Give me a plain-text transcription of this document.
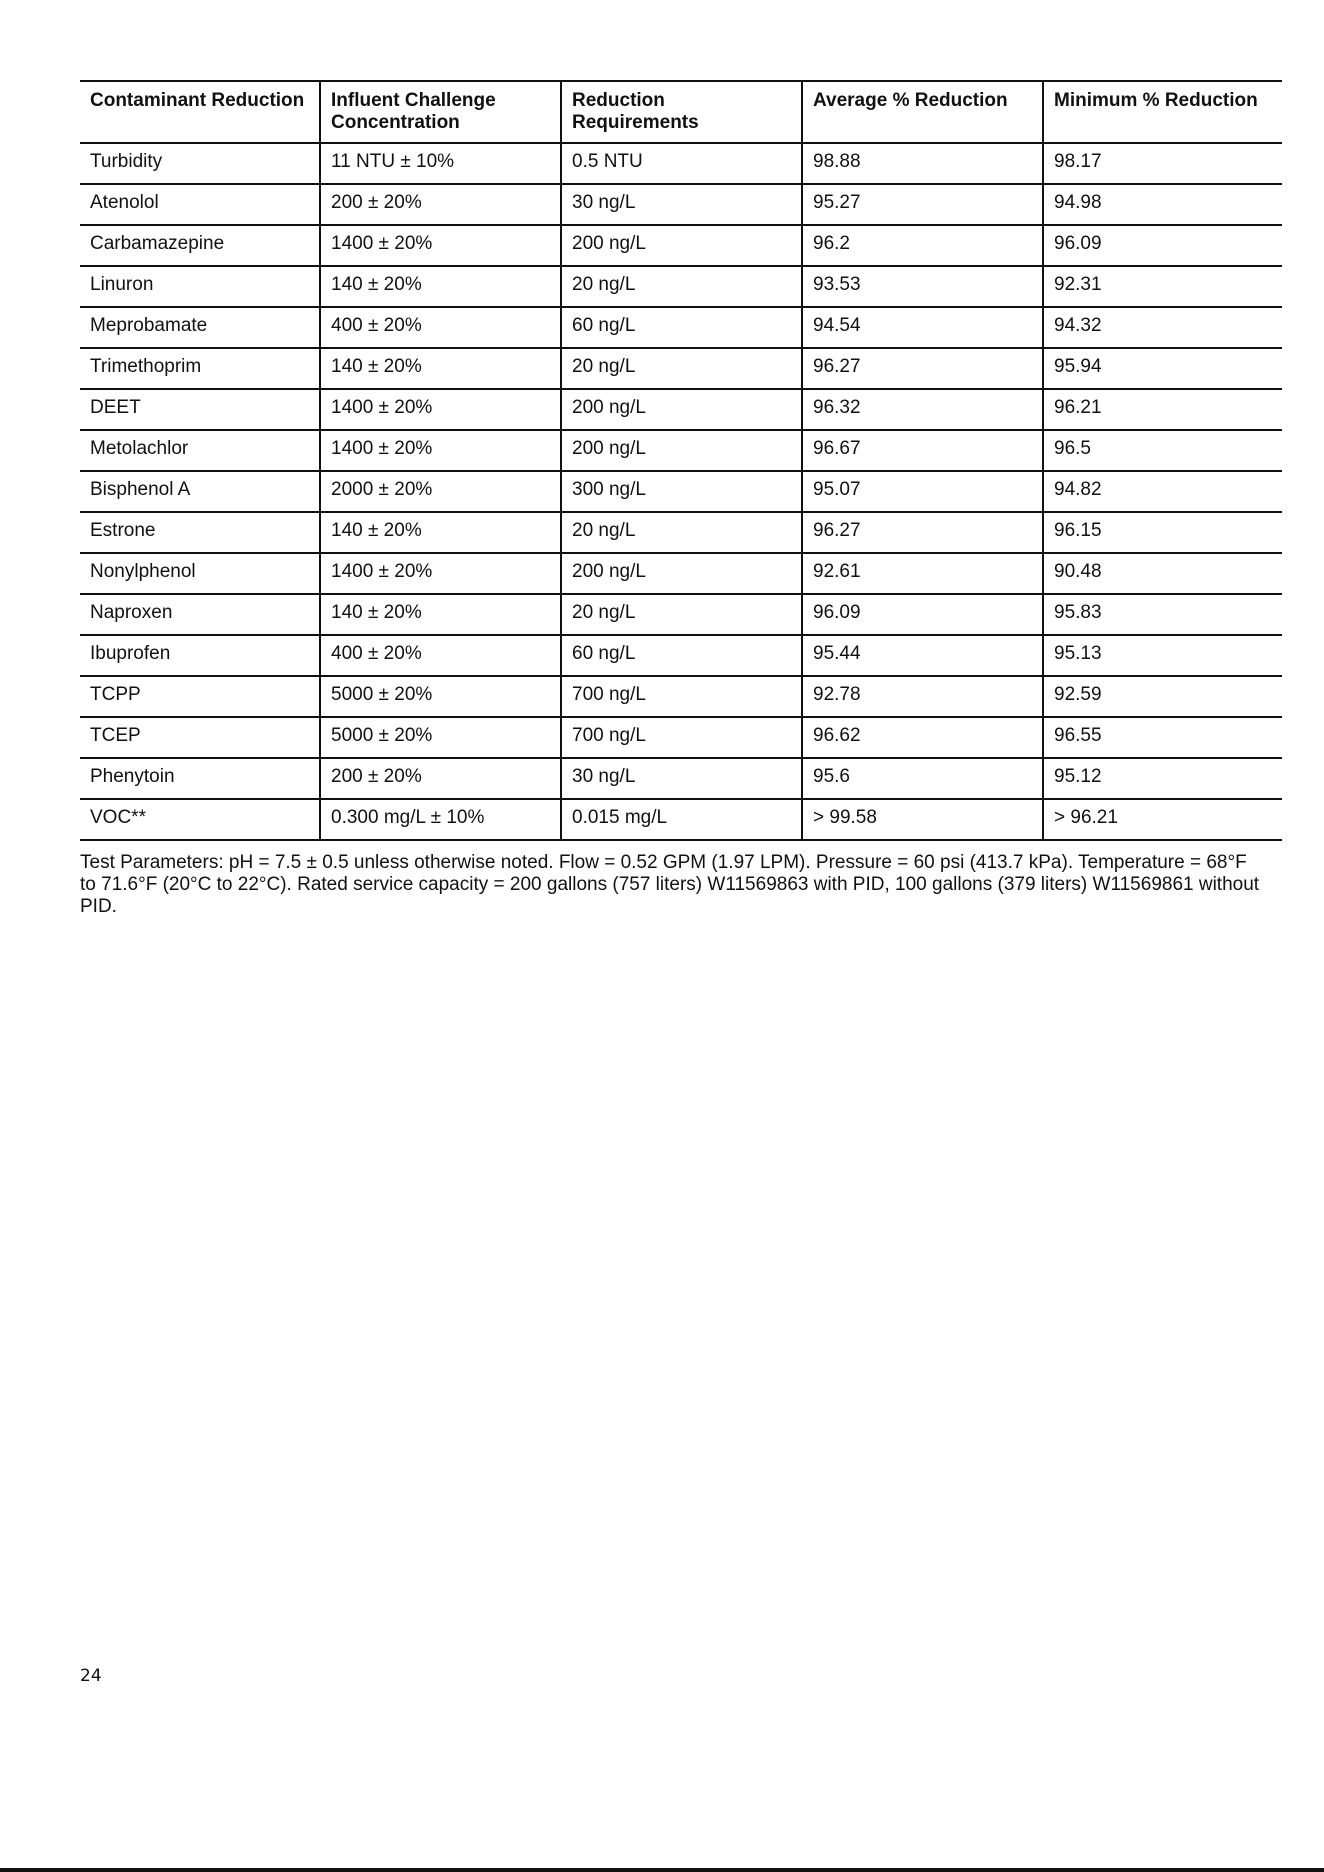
Contaminant Reduction	Influent Challenge Concentration	Reduction Requirements	Average % Reduction	Minimum % Reduction
Turbidity	11 NTU ± 10%	0.5 NTU	98.88	98.17
Atenolol	200 ± 20%	30 ng/L	95.27	94.98
Carbamazepine	1400 ± 20%	200 ng/L	96.2	96.09
Linuron	140 ± 20%	20 ng/L	93.53	92.31
Meprobamate	400 ± 20%	60 ng/L	94.54	94.32
Trimethoprim	140 ± 20%	20 ng/L	96.27	95.94
DEET	1400 ± 20%	200 ng/L	96.32	96.21
Metolachlor	1400 ± 20%	200 ng/L	96.67	96.5
Bisphenol A	2000 ± 20%	300 ng/L	95.07	94.82
Estrone	140 ± 20%	20 ng/L	96.27	96.15
Nonylphenol	1400 ± 20%	200 ng/L	92.61	90.48
Naproxen	140 ± 20%	20 ng/L	96.09	95.83
Ibuprofen	400 ± 20%	60 ng/L	95.44	95.13
TCPP	5000 ± 20%	700 ng/L	92.78	92.59
TCEP	5000 ± 20%	700 ng/L	96.62	96.55
Phenytoin	200 ± 20%	30 ng/L	95.6	95.12
VOC**	0.300 mg/L ± 10%	0.015 mg/L	> 99.58	> 96.21

Test Parameters: pH = 7.5 ± 0.5 unless otherwise noted. Flow = 0.52 GPM (1.97 LPM). Pressure = 60 psi (413.7 kPa). Temperature = 68°F to 71.6°F (20°C to 22°C). Rated service capacity = 200 gallons (757 liters) W11569863 with PID, 100 gallons (379 liters) W11569861 without PID.

24
